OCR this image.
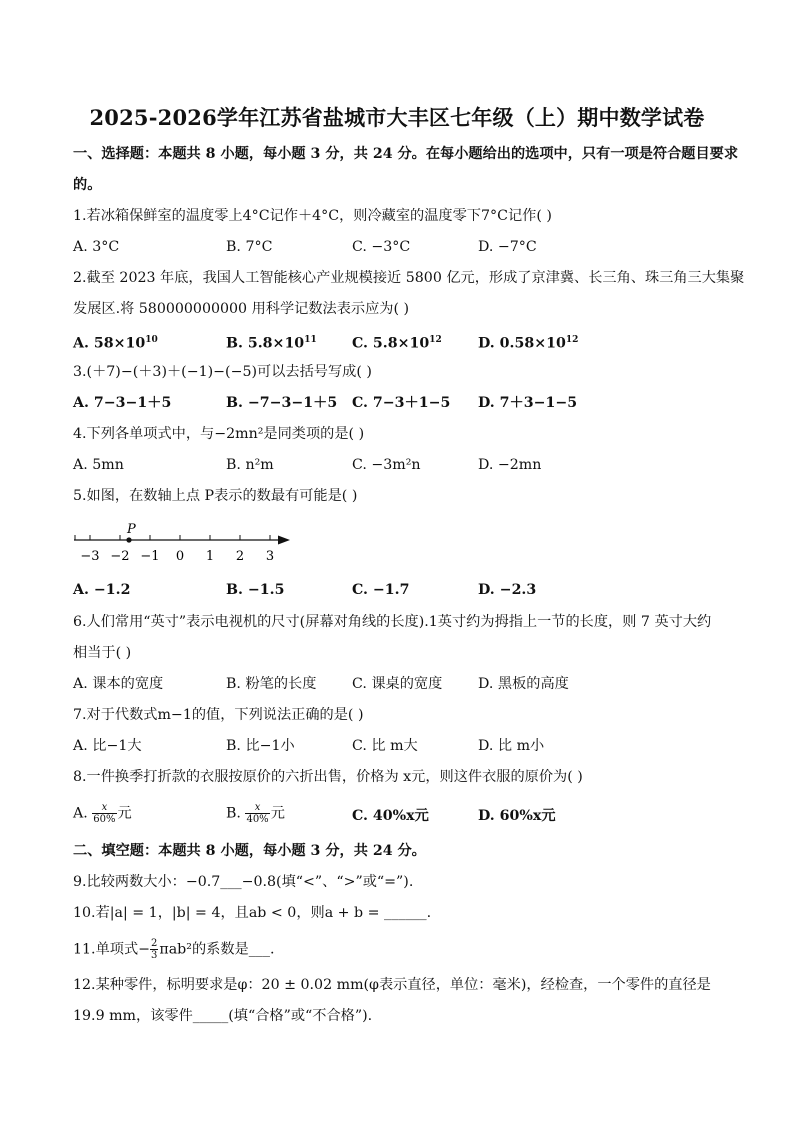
2025-2026学年江苏省盐城市大丰区七年级（上）期中数学试卷
一、选择题：本题共 8 小题，每小题 3 分，共 24 分。在每小题给出的选项中，只有一项是符合题目要求
的。
1.若冰箱保鲜室的温度零上4°C记作＋4°C，则冷藏室的温度零下7°C记作( )
A. 3°C	B. 7°C	C. −3°C	D. −7°C
2.截至 2023 年底，我国人工智能核心产业规模接近 5800 亿元，形成了京津冀、长三角、珠三角三大集聚
发展区.将 580000000000 用科学记数法表示应为( )
A. $58\times 10^{10}$	B. $5.8\times 10^{11}$ C. $5.8\times 10^{12}$	D. $0.58\times 10^{12}$
3.(＋7)−(＋3)＋(−1)−(−5)可以去括号写成( )
A. 7−3−1＋5	B. −7−3−1＋5 C. 7−3＋1−5 D. 7＋3−1−5
4.下列各单项式中，与−2mn²是同类项的是( )
A. 5mn	B. n²m	C. −3m²n	D. −2mn
5.如图，在数轴上点 P表示的数最有可能是( )
−3 −2 −1 0 1 2 3
P
A. −1.2	B. −1.5	C. −1.7	D. −2.3
6.人们常用“英寸”表示电视机的尺寸(屏幕对角线的长度).1英寸约为拇指上一节的长度，则 7 英寸大约
相当于( )
A. 课本的宽度	B. 粉笔的长度	C. 课桌的宽度	D. 黑板的高度
7.对于代数式m−1的值，下列说法正确的是( )
A. 比−1大	B. 比−1小	C. 比 m大	D. 比 m小
8.一件换季打折款的衣服按原价的六折出售，价格为 x元，则这件衣服的原价为( )
A. $\frac{x}{60\%}$ 元	B. $\frac{x}{40\%}$ 元	C. 40%x元	D. 60%x元
二、填空题：本题共 8 小题，每小题 3 分，共 24 分。
9.比较两数大小：−0.7___−0.8(填“<”、“>”或“=”).
10.若|a| = 1，|b| = 4，且ab < 0，则a + b = ______.
11.单项式− $\frac{2}{3} \pi ab^2$的系数是___.
12.某种零件，标明要求是φ：20 ± 0.02 mm(φ表示直径，单位：毫米)，经检查，一个零件的直径是
19.9 mm，该零件_____(填“合格”或“不合格”).
